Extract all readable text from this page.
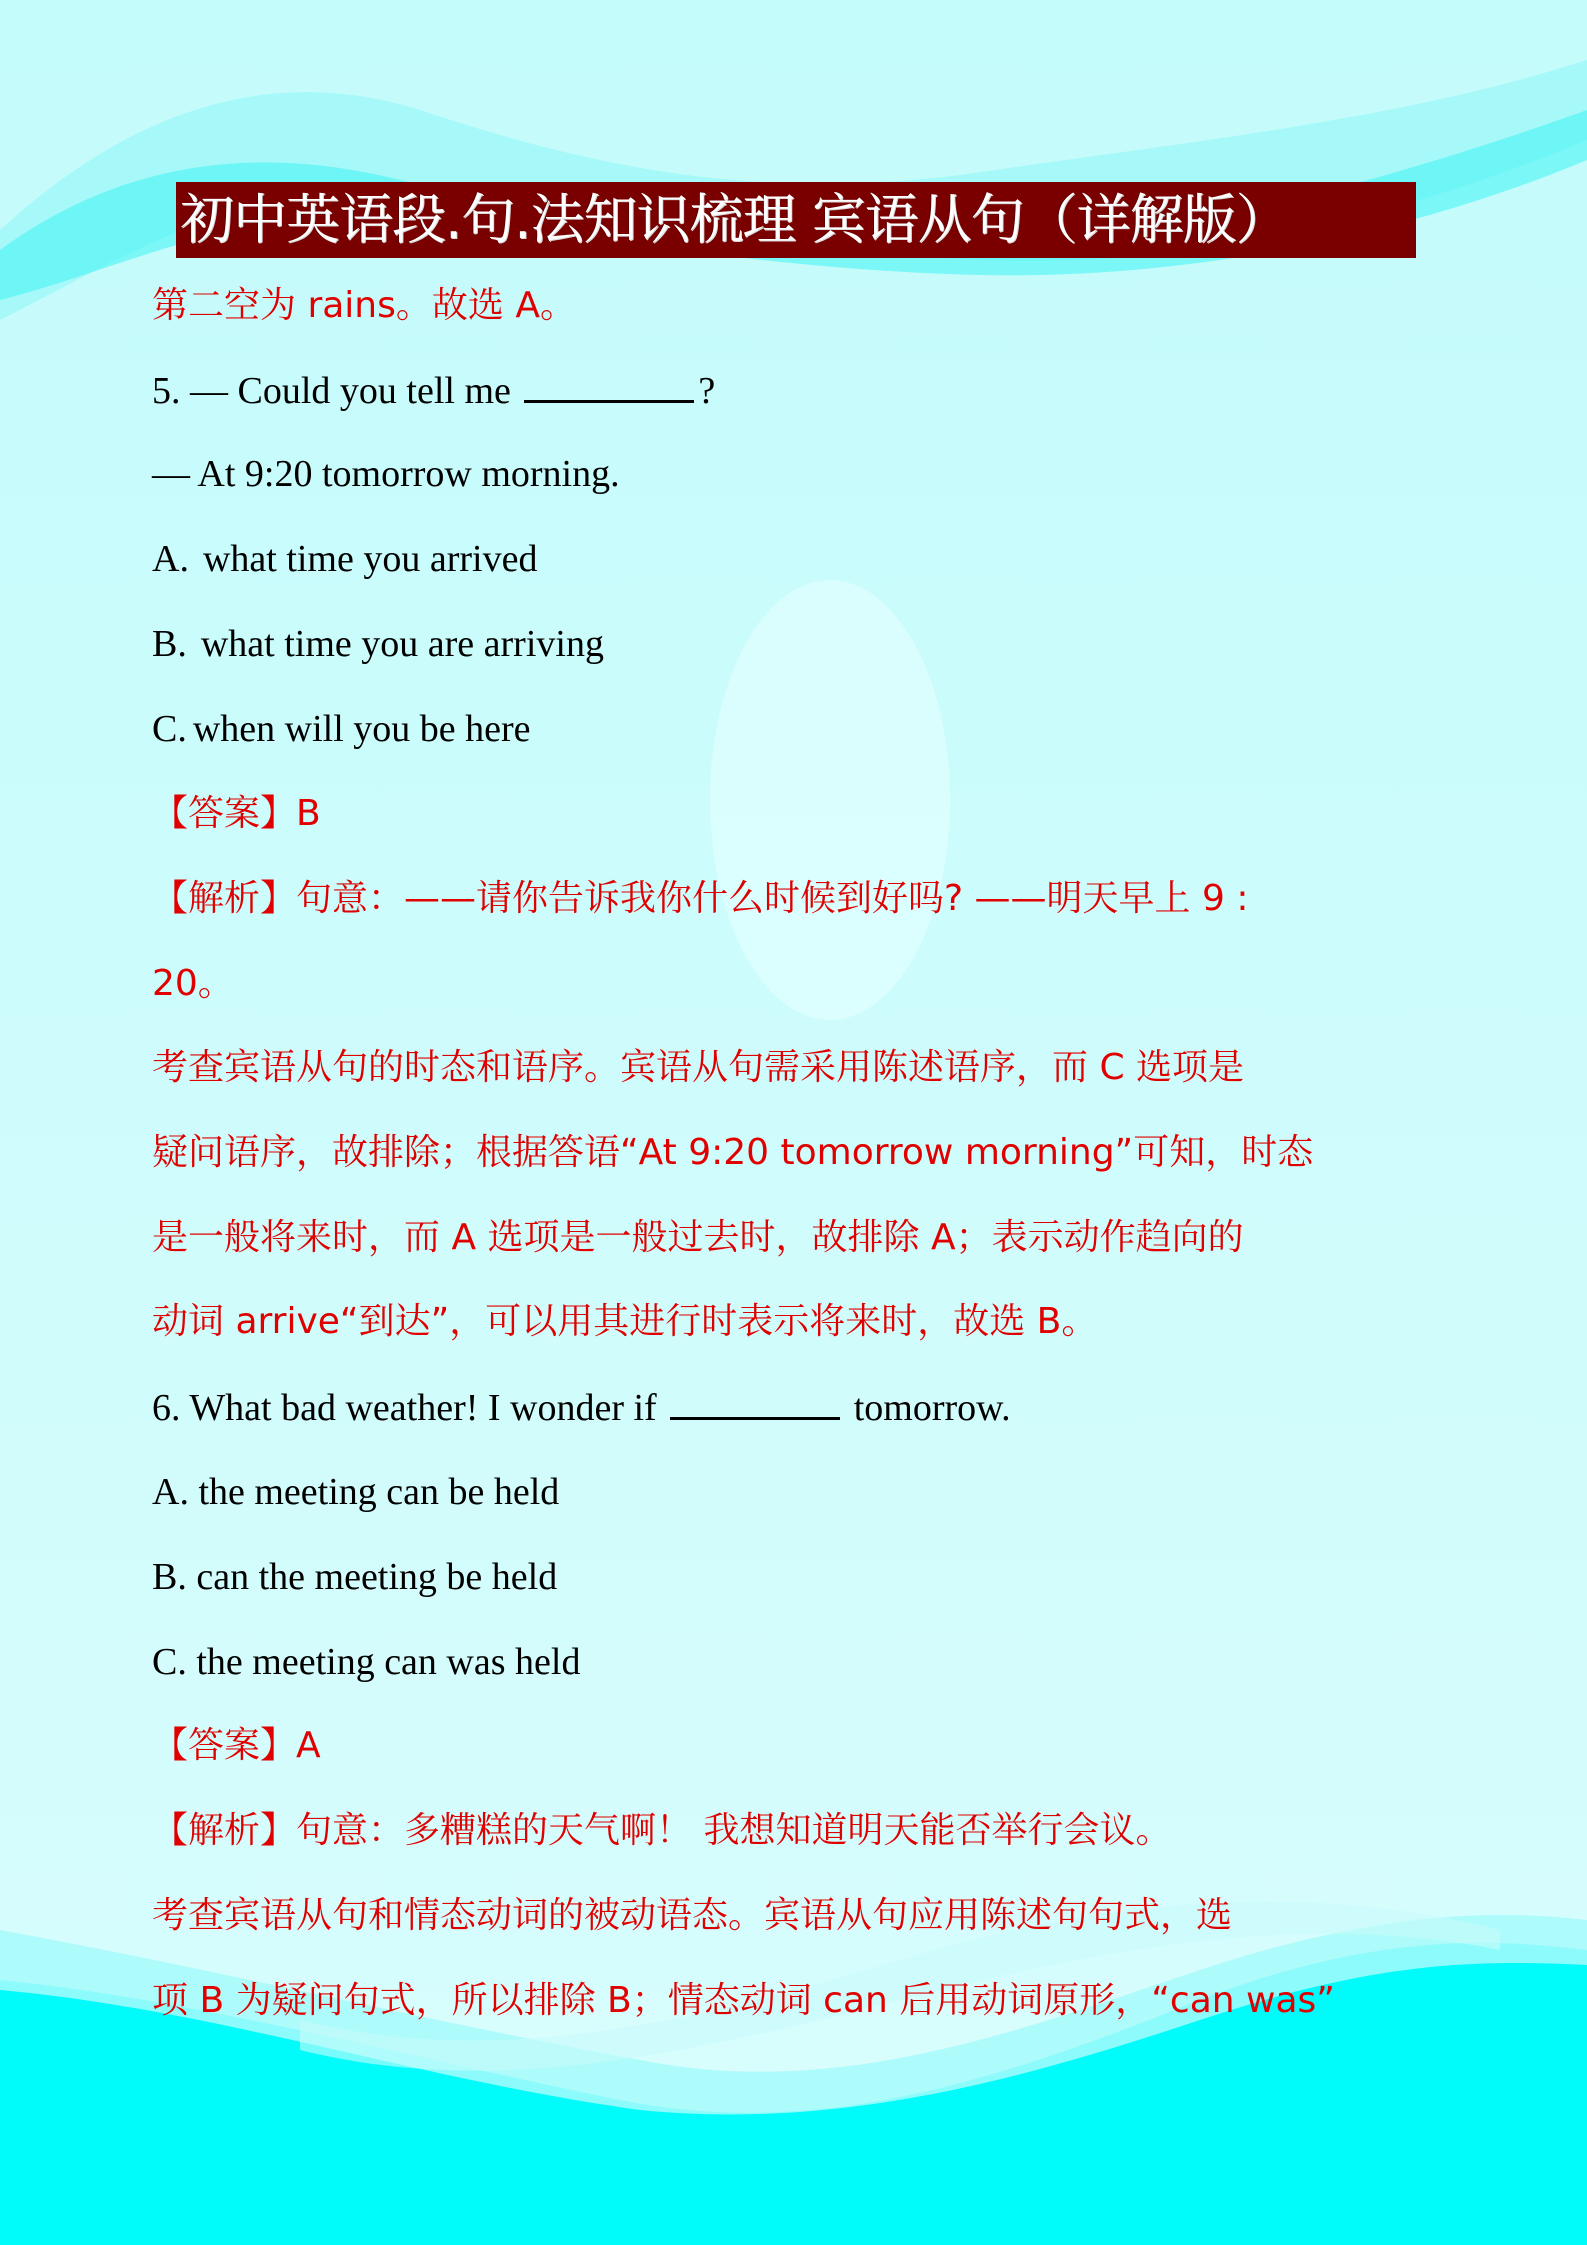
初中英语段.句.法知识梳理 宾语从句（详解版）
第二空为 rains。故选 A。
5. — Could you tell me	?
— At 9:20 tomorrow morning.
A. what time you arrived
B. what time you are arriving
C. when will you be here
【答案】B
【解析】句意：——请你告诉我你什么时候到好吗? ——明天早上 9 :
20。
考查宾语从句的时态和语序。宾语从句需采用陈述语序，而 C 选项是
疑问语序，故排除；根据答语“At 9:20 tomorrow morning”可知，时态
是一般将来时，而 A 选项是一般过去时，故排除 A；表示动作趋向的
动词 arrive“到达”，可以用其进行时表示将来时，故选 B。
6. What bad weather! I wonder if	tomorrow.
A. the meeting can be held
B. can the meeting be held
C. the meeting can was held
【答案】A
【解析】句意：多糟糕的天气啊！ 我想知道明天能否举行会议。
考查宾语从句和情态动词的被动语态。宾语从句应用陈述句句式，选
项 B 为疑问句式，所以排除 B；情态动词 can 后用动词原形，“can was”
